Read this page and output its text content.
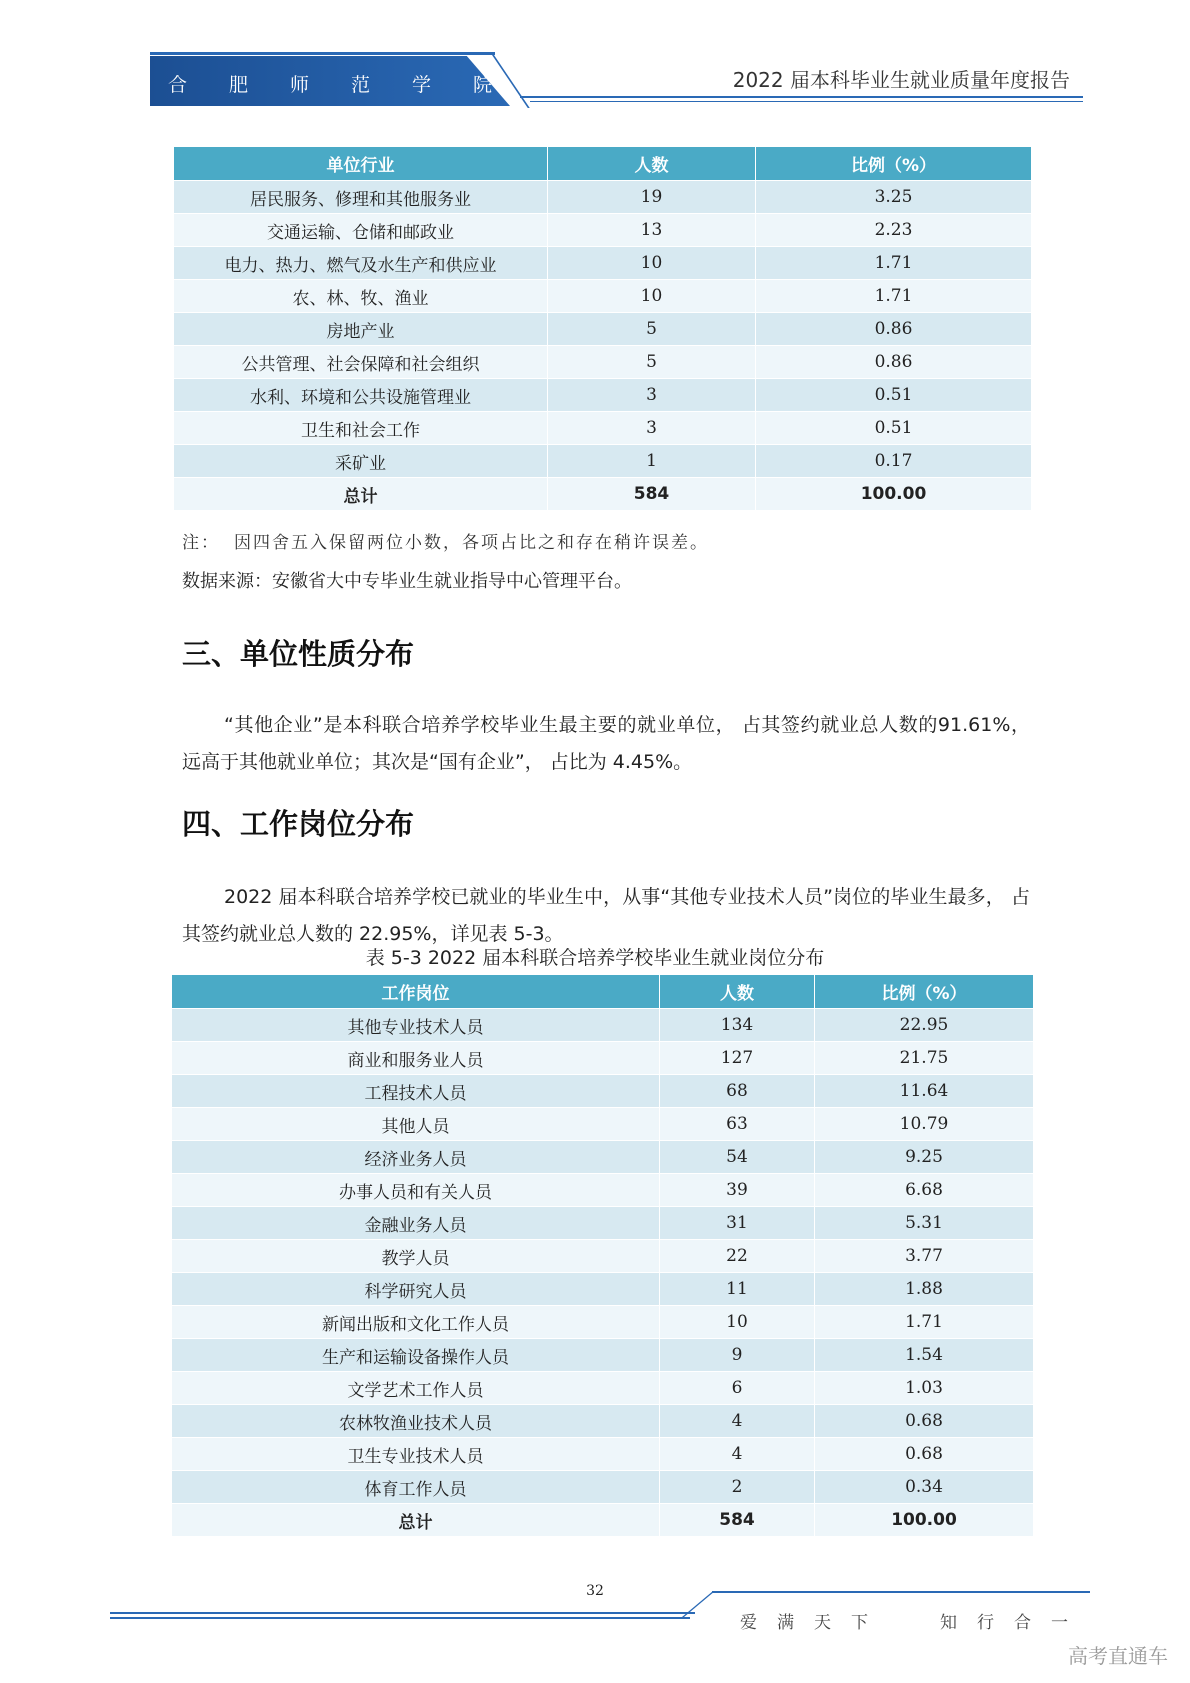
合肥师范学院	2022 届本科毕业生就业质量年度报告
单位行业	人数	比例（%）
居民服务、修理和其他服务业	19	3.25
交通运输、仓储和邮政业	13	2.23
电力、热力、燃气及水生产和供应业	10	1.71
农、林、牧、渔业	10	1.71
房地产业	5	0.86
公共管理、社会保障和社会组织	5	0.86
水利、环境和公共设施管理业	3	0.51
卫生和社会工作	3	0.51
采矿业	1	0.17
总计	584	100.00
注： 因四舍五入保留两位小数，各项占比之和存在稍许误差。
数据来源：安徽省大中专毕业生就业指导中心管理平台。
三、单位性质分布
“其他企业”是本科联合培养学校毕业生最主要的就业单位， 占其签约就业总人数的91.61%， 远高于其他就业单位；其次是“国有企业”， 占比为 4.45%。
四、工作岗位分布
2022 届本科联合培养学校已就业的毕业生中，从事“其他专业技术人员”岗位的毕业生最多， 占其签约就业总人数的 22.95%，详见表 5-3。
表 5-3 2022 届本科联合培养学校毕业生就业岗位分布
工作岗位	人数	比例（%）
其他专业技术人员	134	22.95
商业和服务业人员	127	21.75
工程技术人员	68	11.64
其他人员	63	10.79
经济业务人员	54	9.25
办事人员和有关人员	39	6.68
金融业务人员	31	5.31
教学人员	22	3.77
科学研究人员	11	1.88
新闻出版和文化工作人员	10	1.71
生产和运输设备操作人员	9	1.54
文学艺术工作人员	6	1.03
农林牧渔业技术人员	4	0.68
卫生专业技术人员	4	0.68
体育工作人员	2	0.34
总计	584	100.00
32
爱满天下	知行合一
高考直通车
